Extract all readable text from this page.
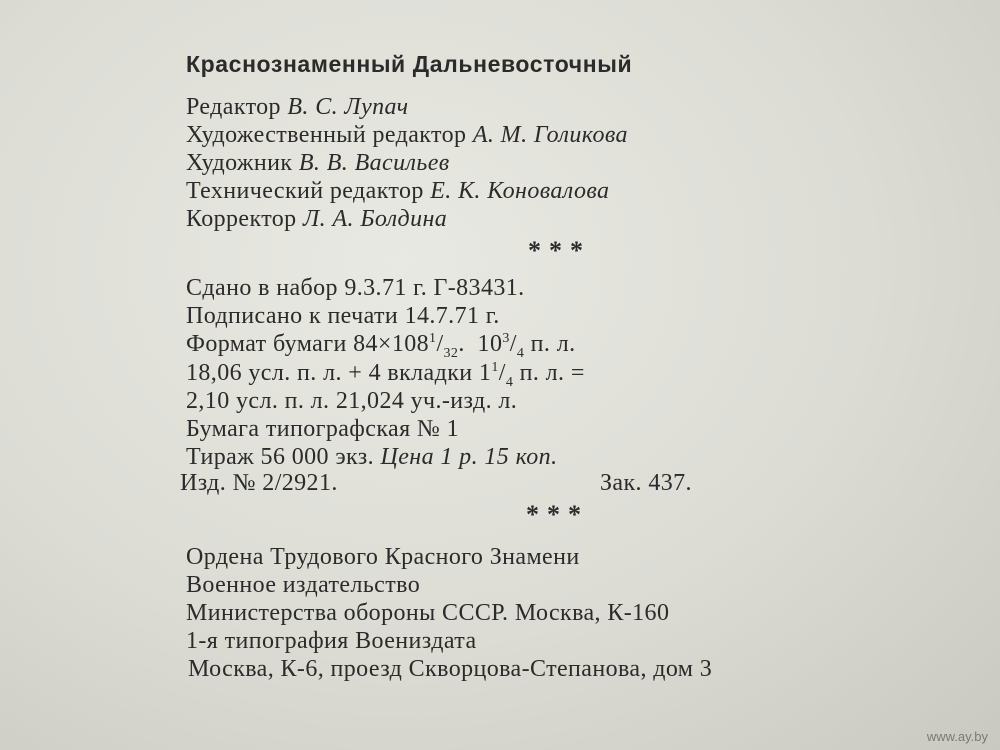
Краснознаменный Дальневосточный
Редактор В. С. Лупач
Художественный редактор А. М. Голикова
Художник В. В. Васильев
Технический редактор Е. К. Коновалова
Корректор Л. А. Болдина
***
Сдано в набор 9.3.71 г. Г-83431.
Подписано к печати 14.7.71 г.
Формат бумаги $84\times 108^1/_{32}$. $10^3/_4$ п. л.
18,06 усл. п. л. + 4 вкладки $1^1/_4$ п. л. =
2,10 усл. п. л. 21,024 уч.-изд. л.
Бумага типографская № 1
Тираж 56 000 экз. Цена 1 р. 15 коп.
Изд. № 2/2921.	Зак. 437.
***
Ордена Трудового Красного Знамени
Военное издательство
Министерства обороны СССР. Москва, К-160
1-я типография Воениздата
Москва, К-6, проезд Скворцова-Степанова, дом 3
www.ay.by
